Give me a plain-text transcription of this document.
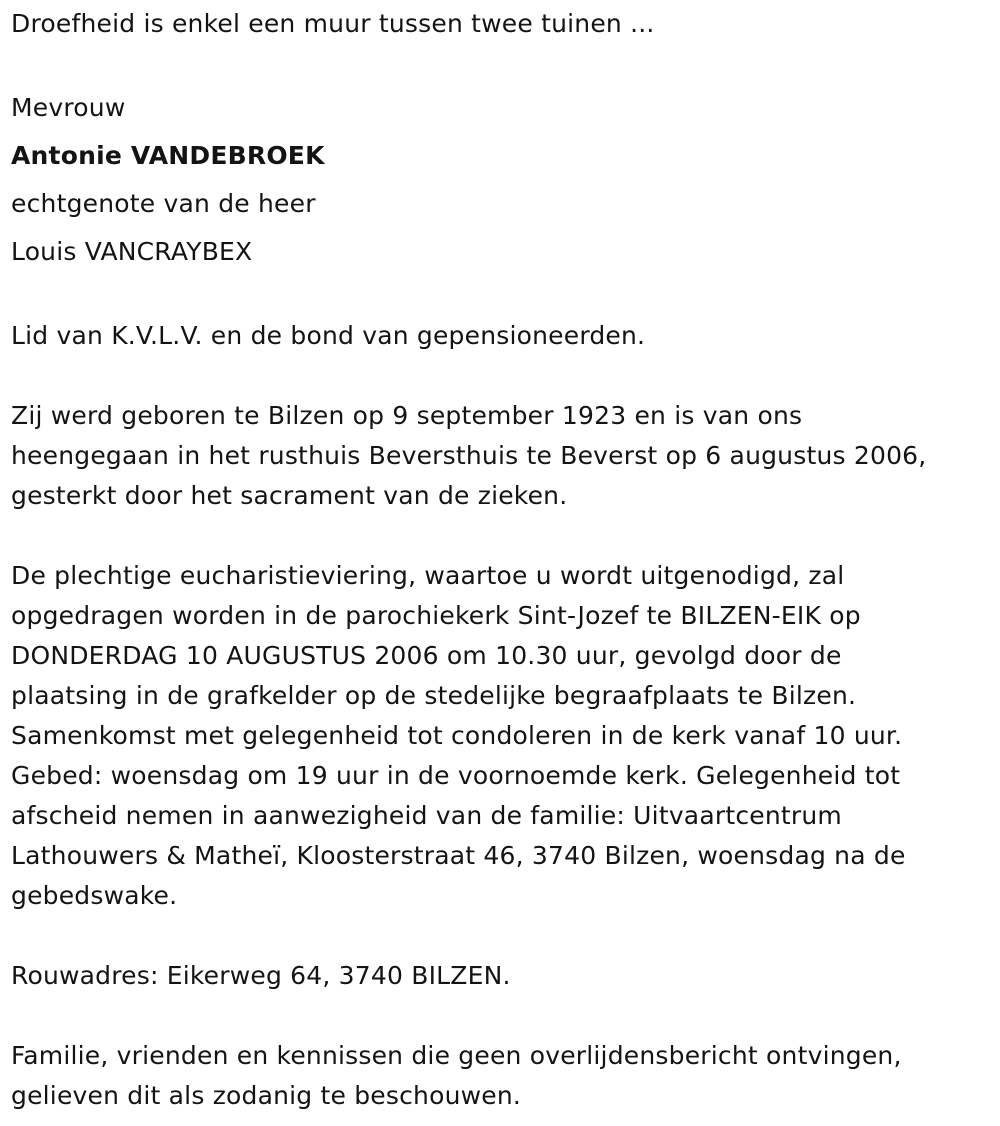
Droefheid is enkel een muur tussen twee tuinen ...

Mevrouw

Antonie VANDEBROEK

echtgenote van de heer

Louis VANCRAYBEX

Lid van K.V.L.V. en de bond van gepensioneerden.

Zij werd geboren te Bilzen op 9 september 1923 en is van ons
heengegaan in het rusthuis Beversthuis te Beverst op 6 augustus 2006,
gesterkt door het sacrament van de zieken.

De plechtige eucharistieviering, waartoe u wordt uitgenodigd, zal
opgedragen worden in de parochiekerk Sint-Jozef te BILZEN-EIK op
DONDERDAG 10 AUGUSTUS 2006 om 10.30 uur, gevolgd door de
plaatsing in de grafkelder op de stedelijke begraafplaats te Bilzen.
Samenkomst met gelegenheid tot condoleren in de kerk vanaf 10 uur.
Gebed: woensdag om 19 uur in de voornoemde kerk. Gelegenheid tot
afscheid nemen in aanwezigheid van de familie: Uitvaartcentrum
Lathouwers & Matheï, Kloosterstraat 46, 3740 Bilzen, woensdag na de
gebedswake.

Rouwadres: Eikerweg 64, 3740 BILZEN.

Familie, vrienden en kennissen die geen overlijdensbericht ontvingen,
gelieven dit als zodanig te beschouwen.
